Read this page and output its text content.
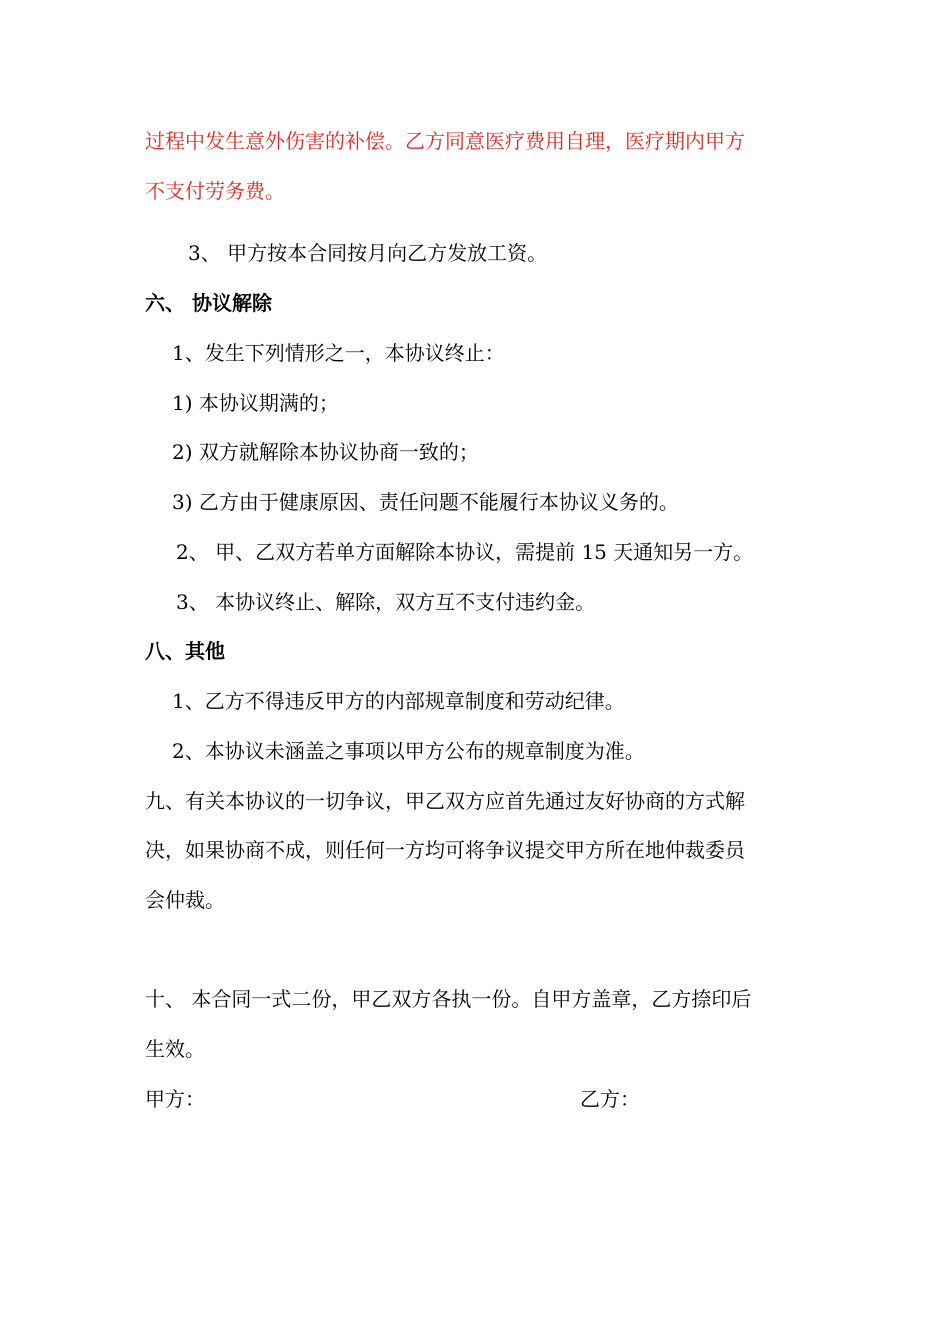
过程中发生意外伤害的补偿。乙方同意医疗费用自理，医疗期内甲方
不支付劳务费。
3、 甲方按本合同按月向乙方发放工资。
六、 协议解除
1、发生下列情形之一，本协议终止：
1) 本协议期满的；
2) 双方就解除本协议协商一致的；
3) 乙方由于健康原因、责任问题不能履行本协议义务的。
2、 甲、乙双方若单方面解除本协议，需提前 15 天通知另一方。
3、 本协议终止、解除，双方互不支付违约金。
八、其他
1、乙方不得违反甲方的内部规章制度和劳动纪律。
2、本协议未涵盖之事项以甲方公布的规章制度为准。
九、有关本协议的一切争议，甲乙双方应首先通过友好协商的方式解
决，如果协商不成，则任何一方均可将争议提交甲方所在地仲裁委员
会仲裁。
十、 本合同一式二份，甲乙双方各执一份。自甲方盖章，乙方捺印后
生效。
甲方：	乙方：
